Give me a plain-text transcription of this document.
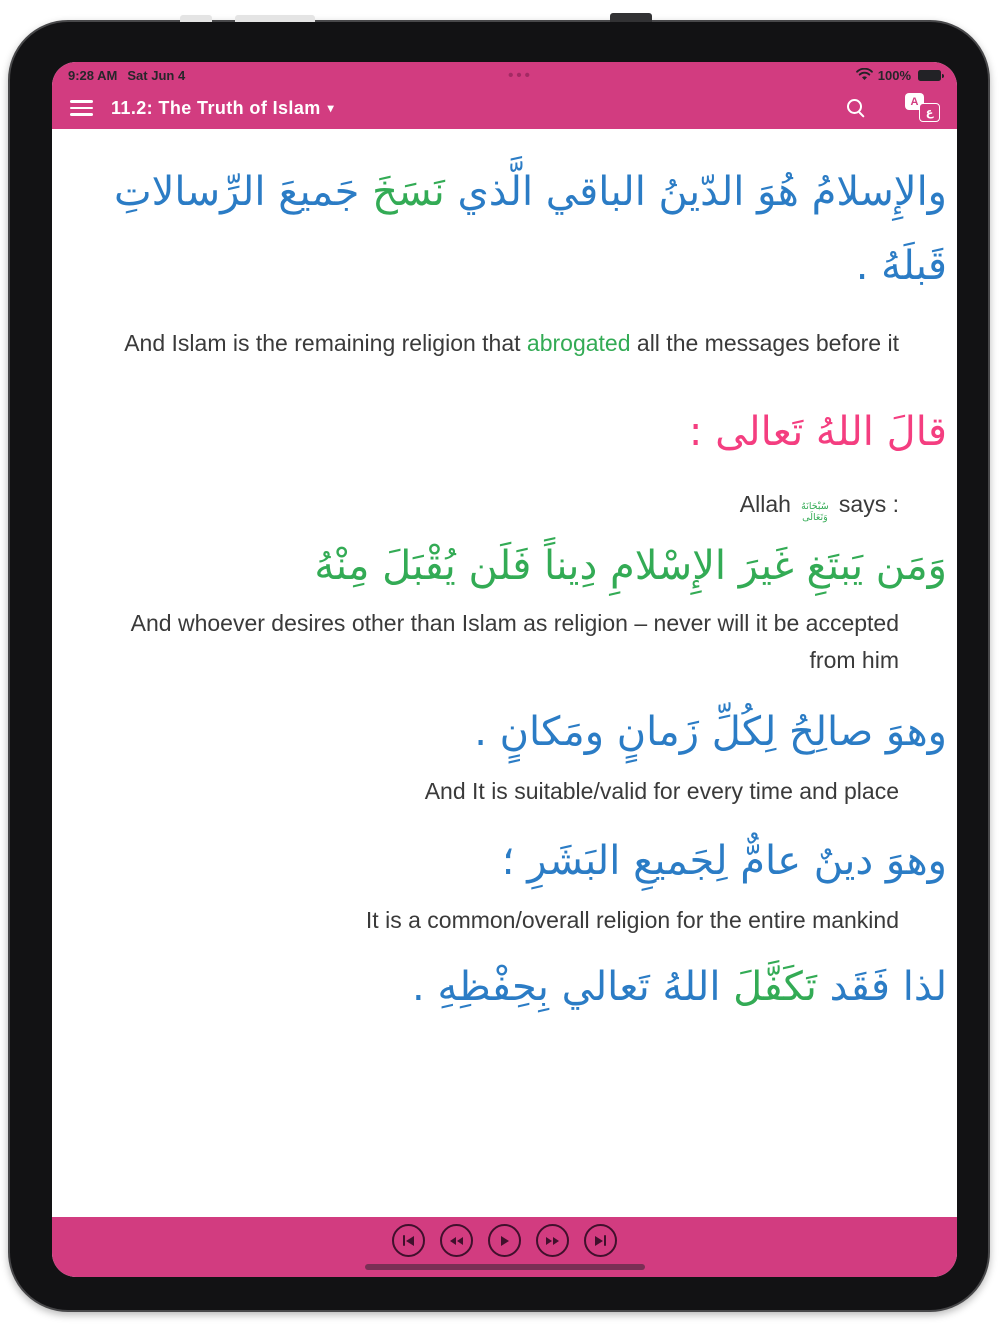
9:28 AM Sat Jun 4	•••	100%
11.2: The Truth of Islam ▾	A
ع
والإِسلامُ هُوَ الدّينُ الباقي الَّذي نَسَخَ جَميعَ الرِّسالاتِ
قَبلَهُ .
And Islam is the remaining religion that abrogated all the messages before it
قالَ اللهُ تَعالى :
Allah سُبْحَانَهُ وَتَعَالَىsays :
وَمَن يَبتَغِ غَيرَ الإِسْلامِ دِيناً فَلَن يُقْبَلَ مِنْهُ
And whoever desires other than Islam as religion – never will it be accepted
from him
وهوَ صالِحُ لِكُلِّ زَمانٍ ومَكانٍ .
And It is suitable/valid for every time and place
وهوَ دينٌ عامٌّ لِجَميعِ البَشَرِ ؛
It is a common/overall religion for the entire mankind
لذا فَقَد تَكَفَّلَ اللهُ تَعالي بِحِفْظِهِ .
